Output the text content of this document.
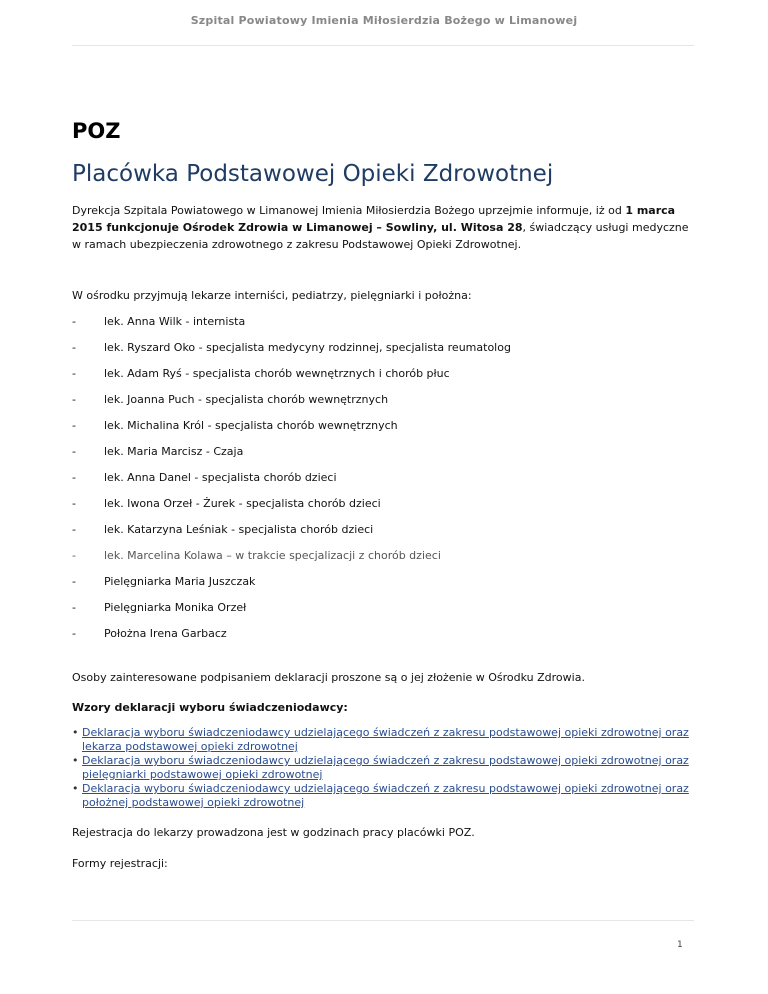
Szpital Powiatowy Imienia Miłosierdzia Bożego w Limanowej
POZ
Placówka Podstawowej Opieki Zdrowotnej

Dyrekcja Szpitala Powiatowego w Limanowej Imienia Miłosierdzia Bożego uprzejmie informuje, iż od 1 marca 2015 funkcjonuje Ośrodek Zdrowia w Limanowej – Sowliny, ul. Witosa 28, świadczący usługi medyczne w ramach ubezpieczenia zdrowotnego z zakresu Podstawowej Opieki Zdrowotnej.

W ośrodku przyjmują lekarze interniści, pediatrzy, pielęgniarki i położna:

-	lek. Anna Wilk - internista
-	lek. Ryszard Oko - specjalista medycyny rodzinnej, specjalista reumatolog
-	lek. Adam Ryś - specjalista chorób wewnętrznych i chorób płuc
-	lek. Joanna Puch - specjalista chorób wewnętrznych
-	lek. Michalina Król - specjalista chorób wewnętrznych
-	lek. Maria Marcisz - Czaja
-	lek. Anna Danel - specjalista chorób dzieci
-	lek. Iwona Orzeł - Żurek - specjalista chorób dzieci
-	lek. Katarzyna Leśniak - specjalista chorób dzieci
-	lek. Marcelina Kolawa – w trakcie specjalizacji z chorób dzieci
-	Pielęgniarka Maria Juszczak
-	Pielęgniarka Monika Orzeł
-	Położna Irena Garbacz

Osoby zainteresowane podpisaniem deklaracji proszone są o jej złożenie w Ośrodku Zdrowia.

Wzory deklaracji wyboru świadczeniodawcy:

• Deklaracja wyboru świadczeniodawcy udzielającego świadczeń z zakresu podstawowej opieki zdrowotnej oraz lekarza podstawowej opieki zdrowotnej
• Deklaracja wyboru świadczeniodawcy udzielającego świadczeń z zakresu podstawowej opieki zdrowotnej oraz pielęgniarki podstawowej opieki zdrowotnej
• Deklaracja wyboru świadczeniodawcy udzielającego świadczeń z zakresu podstawowej opieki zdrowotnej oraz położnej podstawowej opieki zdrowotnej

Rejestracja do lekarzy prowadzona jest w godzinach pracy placówki POZ.

Formy rejestracji:

1
